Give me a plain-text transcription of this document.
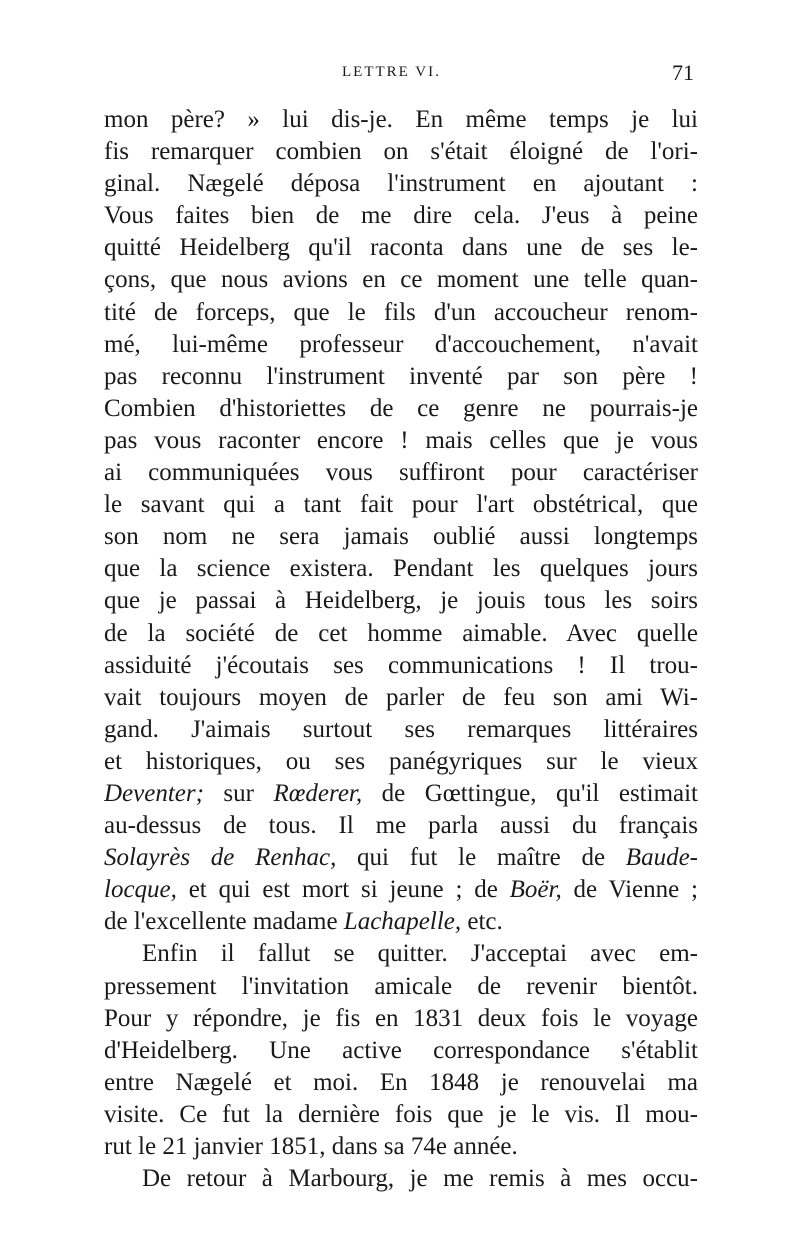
LETTRE VI.	71
mon père? » lui dis-je. En même temps je lui
fis remarquer combien on s'était éloigné de l'ori-
ginal. Nægelé déposa l'instrument en ajoutant :
Vous faites bien de me dire cela. J'eus à peine
quitté Heidelberg qu'il raconta dans une de ses le-
çons, que nous avions en ce moment une telle quan-
tité de forceps, que le fils d'un accoucheur renom-
mé, lui-même professeur d'accouchement, n'avait
pas reconnu l'instrument inventé par son père !
Combien d'historiettes de ce genre ne pourrais-je
pas vous raconter encore ! mais celles que je vous
ai communiquées vous suffiront pour caractériser
le savant qui a tant fait pour l'art obstétrical, que
son nom ne sera jamais oublié aussi longtemps
que la science existera. Pendant les quelques jours
que je passai à Heidelberg, je jouis tous les soirs
de la société de cet homme aimable. Avec quelle
assiduité j'écoutais ses communications ! Il trou-
vait toujours moyen de parler de feu son ami Wi-
gand. J'aimais surtout ses remarques littéraires
et historiques, ou ses panégyriques sur le vieux
Deventer; sur Rœderer, de Gœttingue, qu'il estimait
au-dessus de tous. Il me parla aussi du français
Solayrès de Renhac, qui fut le maître de Baude-
locque, et qui est mort si jeune ; de Boër, de Vienne ;
de l'excellente madame Lachapelle, etc.
Enfin il fallut se quitter. J'acceptai avec em-
pressement l'invitation amicale de revenir bientôt.
Pour y répondre, je fis en 1831 deux fois le voyage
d'Heidelberg. Une active correspondance s'établit
entre Nægelé et moi. En 1848 je renouvelai ma
visite. Ce fut la dernière fois que je le vis. Il mou-
rut le 21 janvier 1851, dans sa 74e année.
De retour à Marbourg, je me remis à mes occu-
